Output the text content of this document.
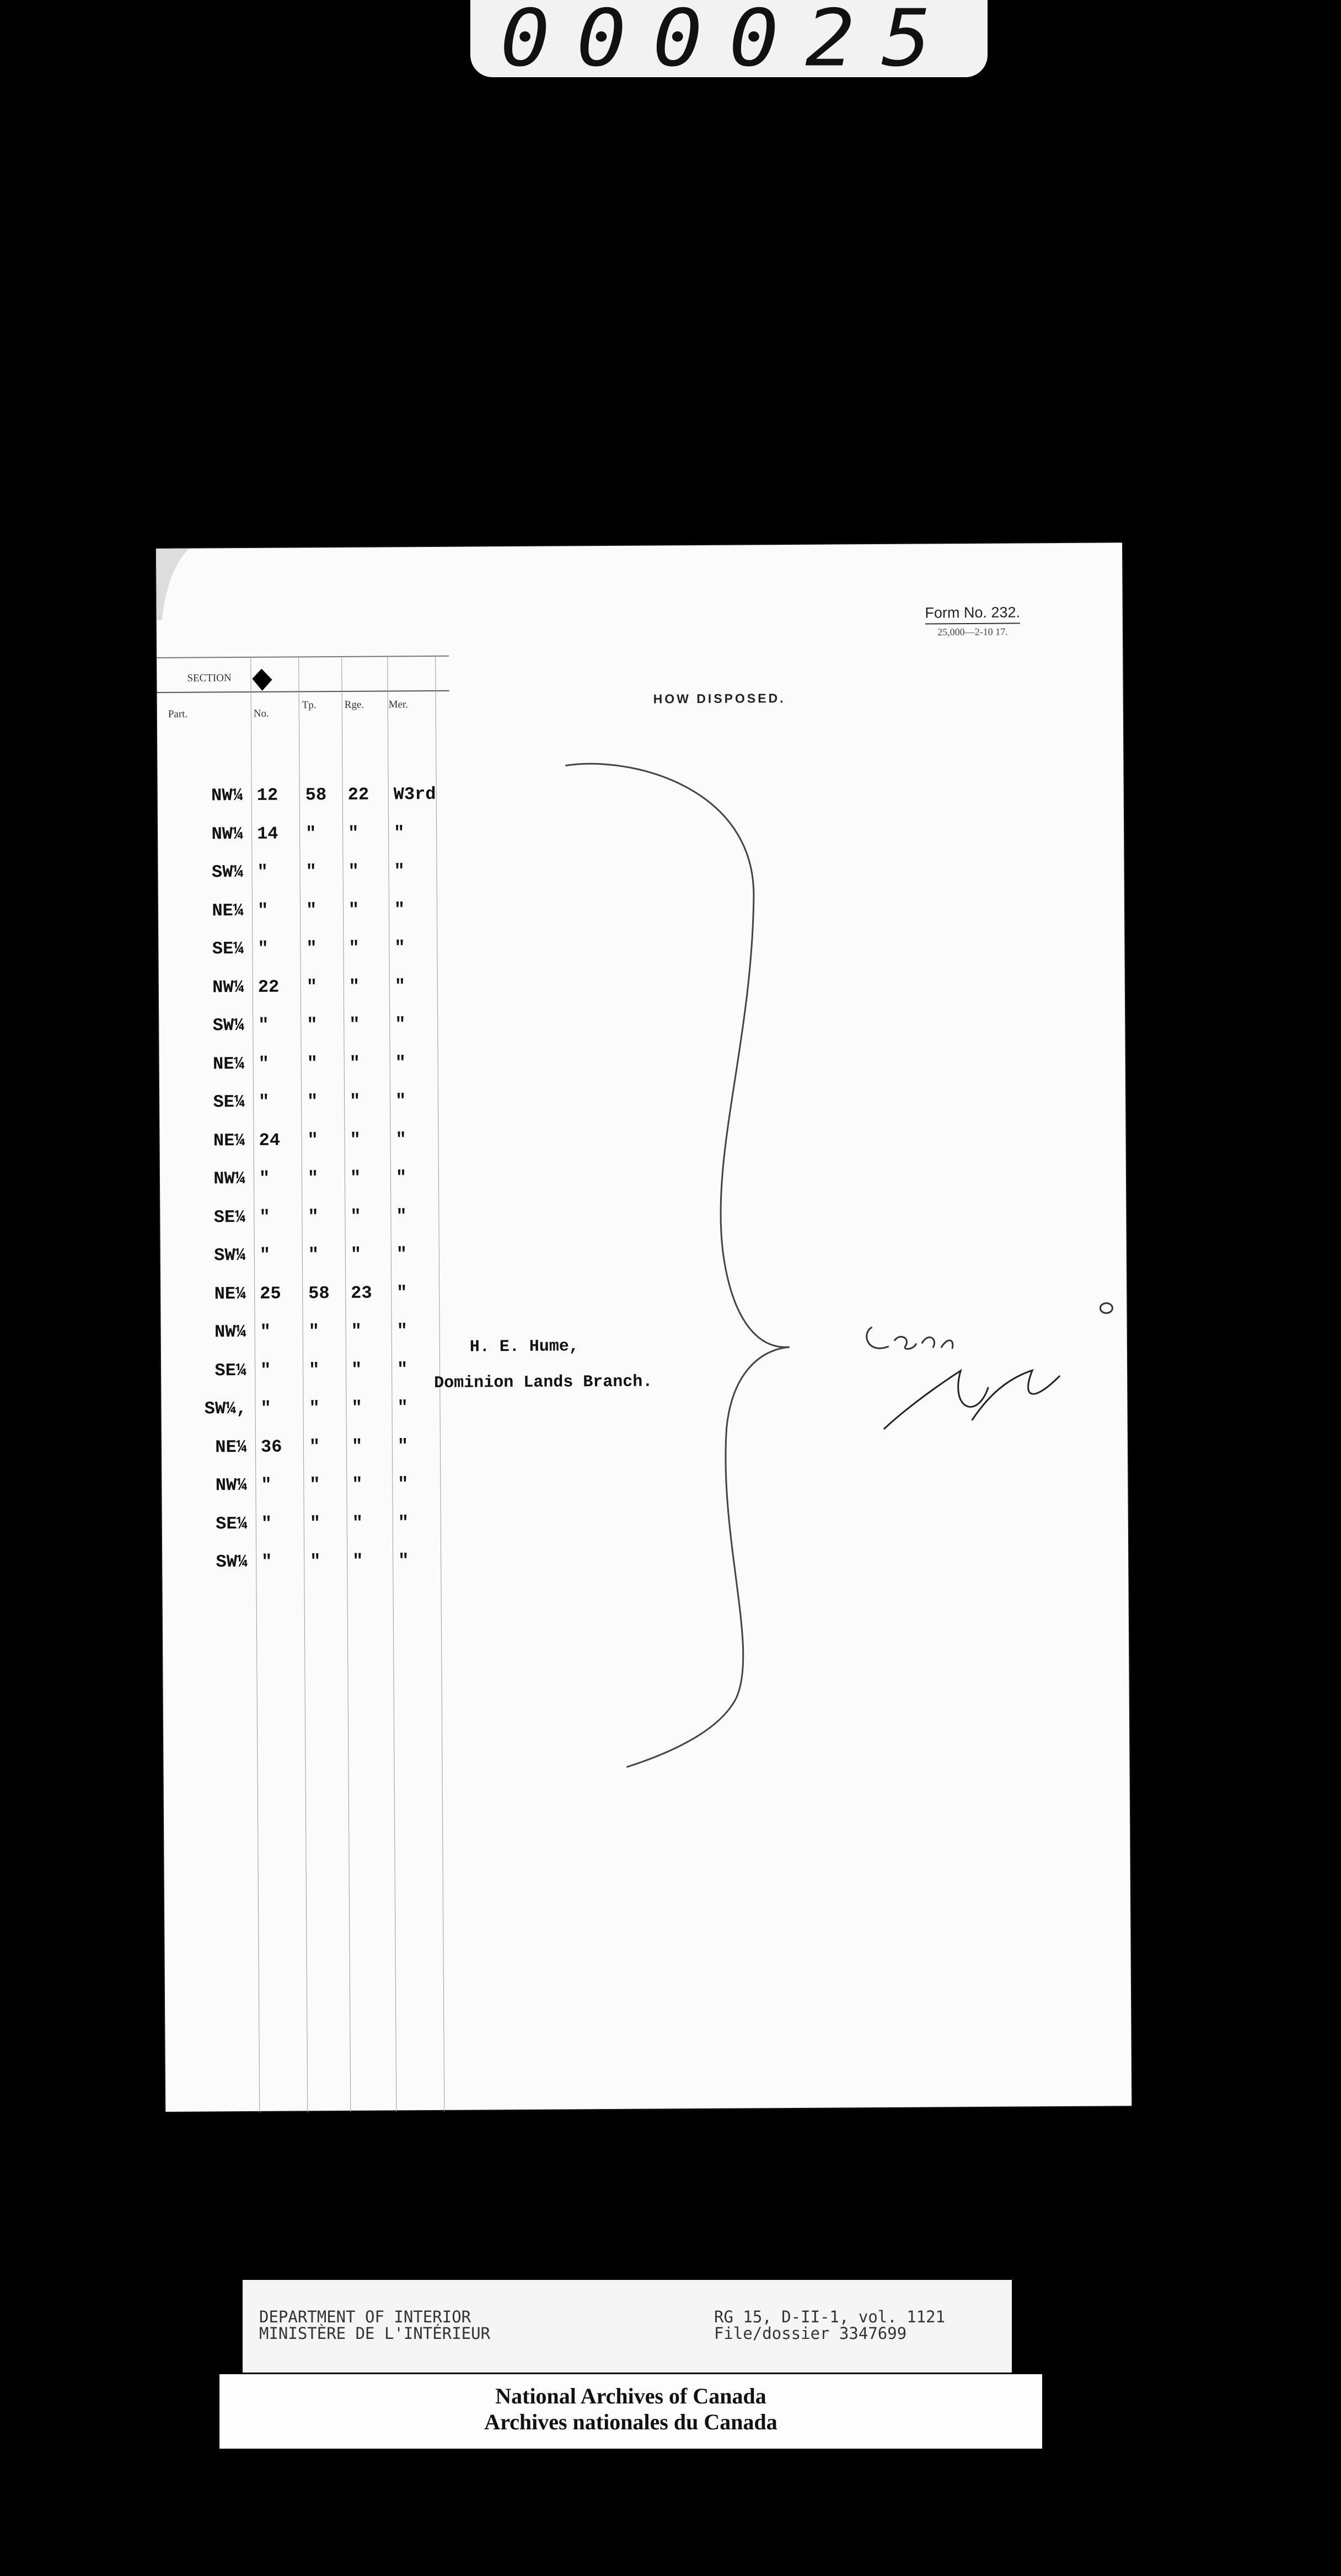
000025
Form No. 232.
25,000—2-10 17.
SECTION
Part.	No.
Tp.	Rge. Mer.	HOW DISPOSED.
NW¼ 12 58 22 W3rd
NW¼ 14 " " "
SW¼ " " " "
NE¼ " " " "
SE¼ " " " "
NW¼ 22 " " "
SW¼ " " " "
NE¼ " " " "
SE¼ " " " "
NE¼ 24 " " "
NW¼ " " " "
SE¼ " " " "
SW¼ " " " "
NE¼ 25 58 23 "
NW¼ " " " "
SE¼ " " " "
SW¼, " " " "
NE¼ 36 " " "
NW¼ " " " "
SE¼ " " " "
SW¼ " " " "
H. E. Hume,
Dominion Lands Branch.
DEPARTMENT OF INTERIOR
MINISTÈRE DE L'INTÉRIEUR
RG 15, D-II-1, vol. 1121
File/dossier 3347699
National Archives of Canada
Archives nationales du Canada
